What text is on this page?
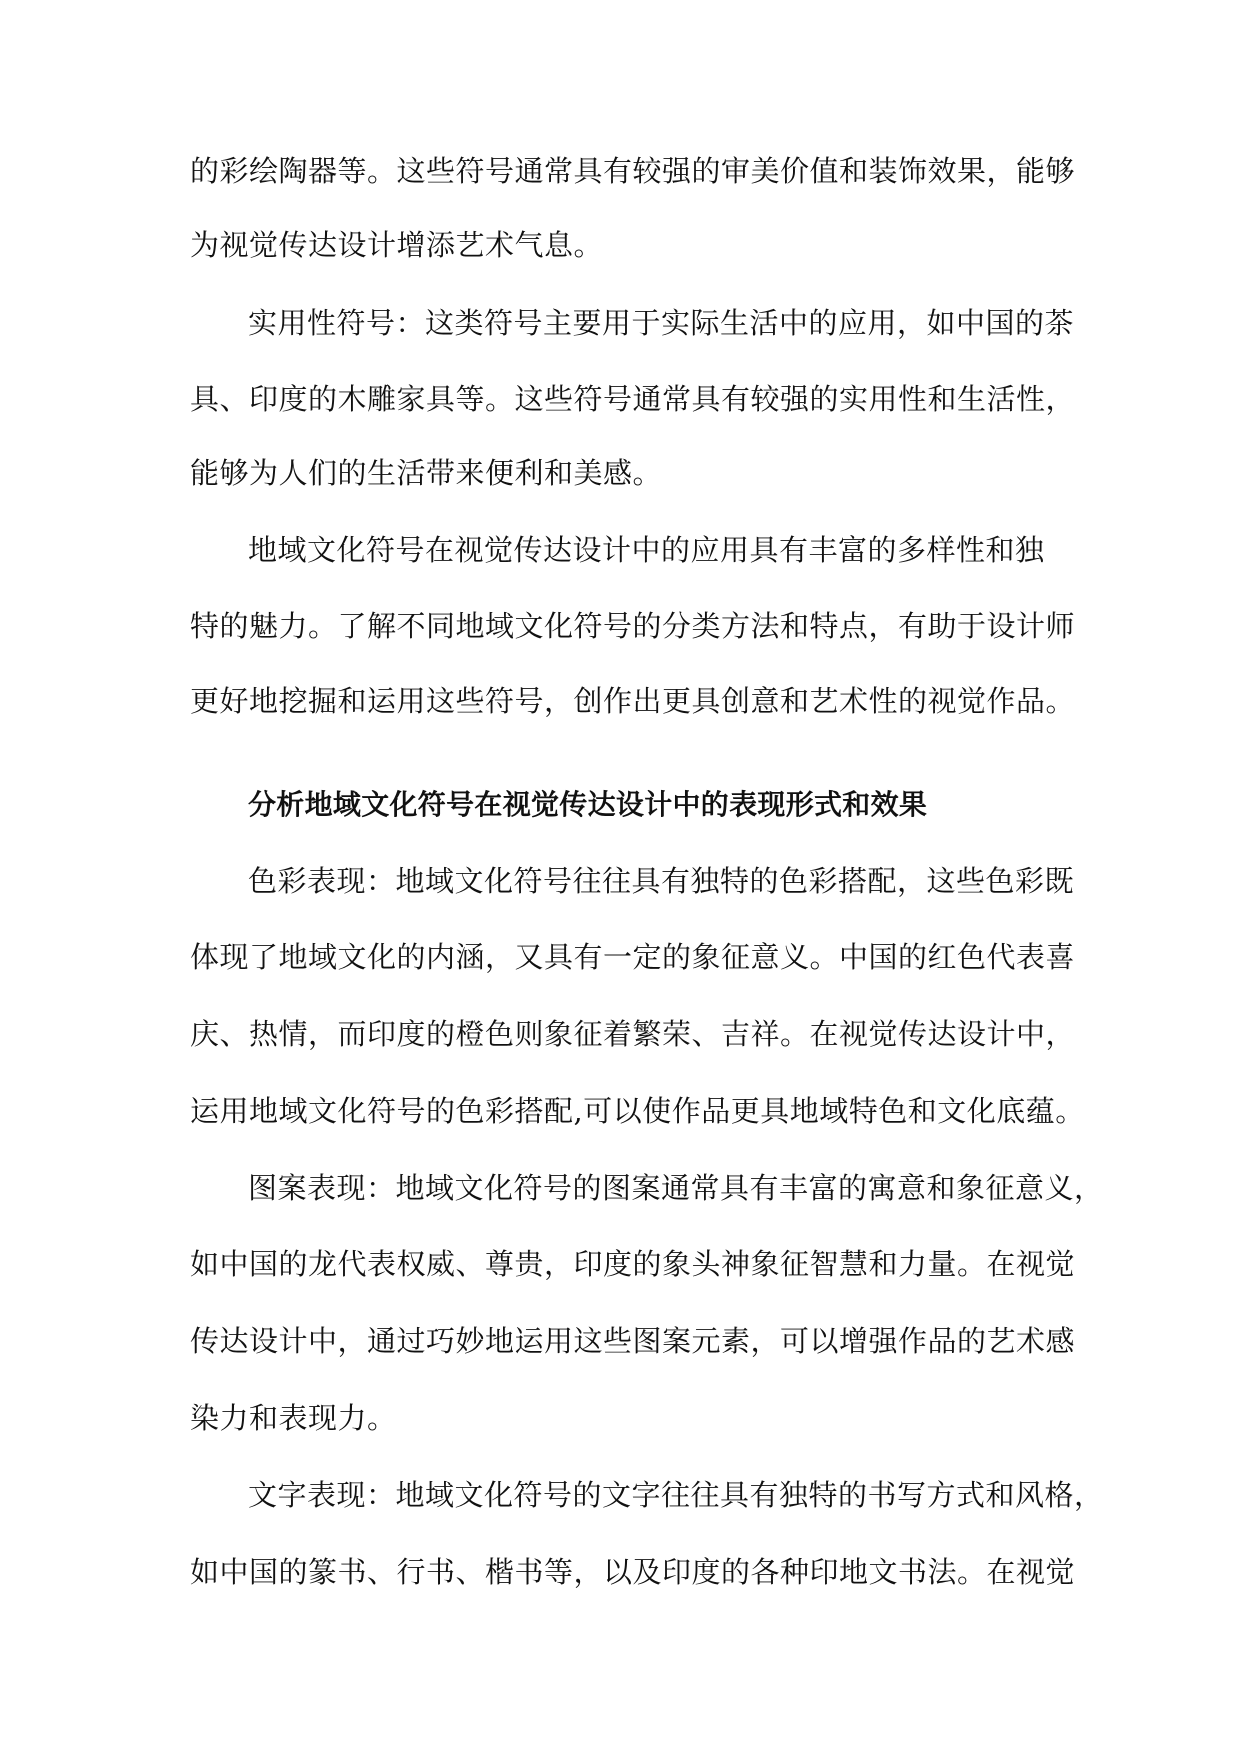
的彩绘陶器等。这些符号通常具有较强的审美价值和装饰效果，能够

为视觉传达设计增添艺术气息。

实用性符号：这类符号主要用于实际生活中的应用，如中国的茶

具、印度的木雕家具等。这些符号通常具有较强的实用性和生活性，

能够为人们的生活带来便利和美感。

地域文化符号在视觉传达设计中的应用具有丰富的多样性和独

特的魅力。了解不同地域文化符号的分类方法和特点，有助于设计师

更好地挖掘和运用这些符号，创作出更具创意和艺术性的视觉作品。

分析地域文化符号在视觉传达设计中的表现形式和效果

色彩表现：地域文化符号往往具有独特的色彩搭配，这些色彩既

体现了地域文化的内涵，又具有一定的象征意义。中国的红色代表喜

庆、热情，而印度的橙色则象征着繁荣、吉祥。在视觉传达设计中，

运用地域文化符号的色彩搭配,可以使作品更具地域特色和文化底蕴。

图案表现：地域文化符号的图案通常具有丰富的寓意和象征意义，

如中国的龙代表权威、尊贵，印度的象头神象征智慧和力量。在视觉

传达设计中，通过巧妙地运用这些图案元素，可以增强作品的艺术感

染力和表现力。

文字表现：地域文化符号的文字往往具有独特的书写方式和风格，

如中国的篆书、行书、楷书等，以及印度的各种印地文书法。在视觉
